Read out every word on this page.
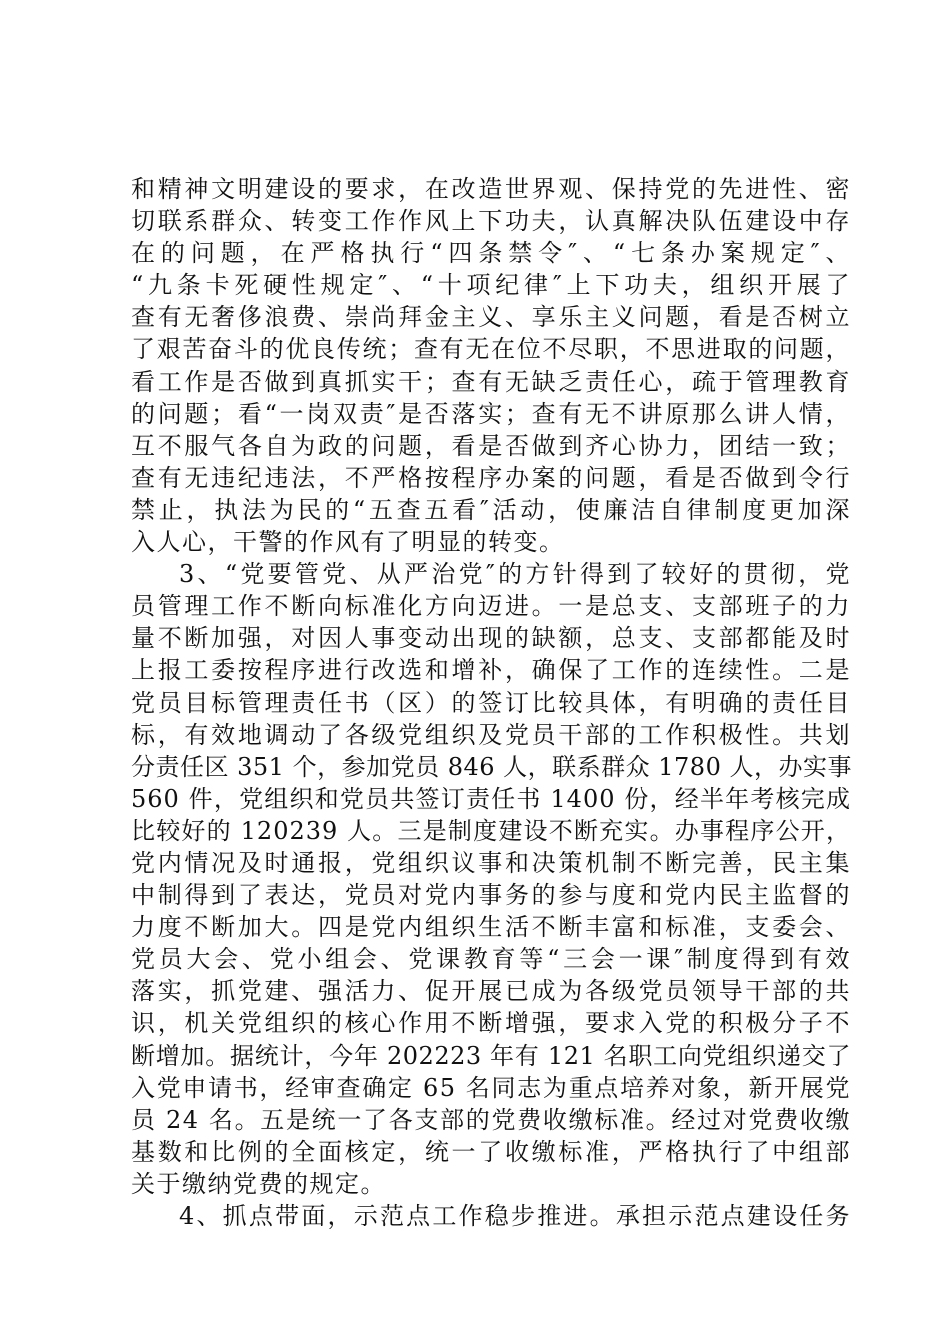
和精神文明建设的要求，在改造世界观、保持党的先进性、密
切联系群众、转变工作作风上下功夫，认真解决队伍建设中存
在的问题，在严格执行“四条禁令″、“七条办案规定″、
“九条卡死硬性规定″、“十项纪律″上下功夫，组织开展了
查有无奢侈浪费、崇尚拜金主义、享乐主义问题，看是否树立
了艰苦奋斗的优良传统；查有无在位不尽职，不思进取的问题，
看工作是否做到真抓实干；查有无缺乏责任心，疏于管理教育
的问题；看“一岗双责″是否落实；查有无不讲原那么讲人情，
互不服气各自为政的问题，看是否做到齐心协力，团结一致；
查有无违纪违法，不严格按程序办案的问题，看是否做到令行
禁止，执法为民的“五查五看″活动，使廉洁自律制度更加深
入人心，干警的作风有了明显的转变。
3、“党要管党、从严治党″的方针得到了较好的贯彻，党
员管理工作不断向标准化方向迈进。一是总支、支部班子的力
量不断加强，对因人事变动出现的缺额，总支、支部都能及时
上报工委按程序进行改选和增补，确保了工作的连续性。二是
党员目标管理责任书（区）的签订比较具体，有明确的责任目
标，有效地调动了各级党组织及党员干部的工作积极性。共划
分责任区 351 个，参加党员 846 人，联系群众 1780 人，办实事
560 件，党组织和党员共签订责任书 1400 份，经半年考核完成
比较好的 120239 人。三是制度建设不断充实。办事程序公开，
党内情况及时通报，党组织议事和决策机制不断完善，民主集
中制得到了表达，党员对党内事务的参与度和党内民主监督的
力度不断加大。四是党内组织生活不断丰富和标准，支委会、
党员大会、党小组会、党课教育等“三会一课″制度得到有效
落实，抓党建、强活力、促开展已成为各级党员领导干部的共
识，机关党组织的核心作用不断增强，要求入党的积极分子不
断增加。据统计，今年 202223 年有 121 名职工向党组织递交了
入党申请书，经审查确定 65 名同志为重点培养对象，新开展党
员 24 名。五是统一了各支部的党费收缴标准。经过对党费收缴
基数和比例的全面核定，统一了收缴标准，严格执行了中组部
关于缴纳党费的规定。
4、抓点带面，示范点工作稳步推进。承担示范点建设任务
